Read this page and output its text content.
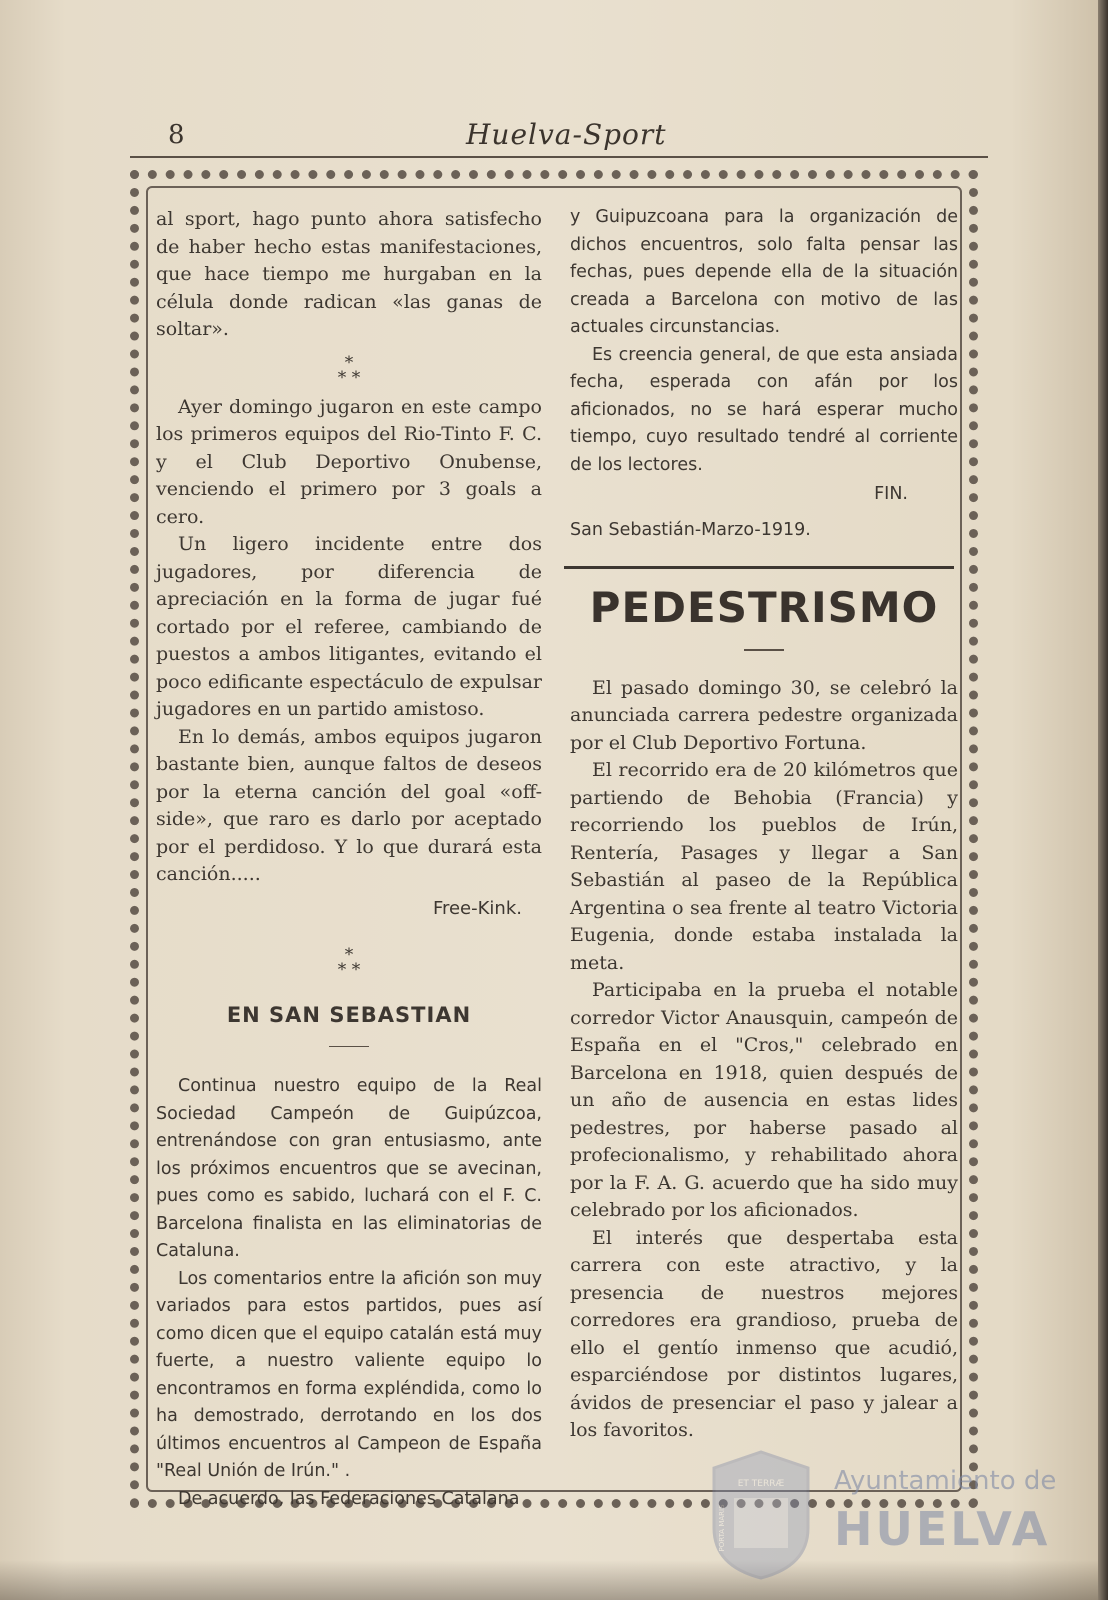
8	Huelva-Sport

al sport, hago punto ahora satisfecho de haber hecho estas manifestaciones, que hace tiempo me hurgaban en la célula donde radican «las ganas de soltar».

*
* *

Ayer domingo jugaron en este campo los primeros equipos del Rio-Tinto F. C. y el Club Deportivo Onubense, venciendo el primero por 3 goals a cero.

Un ligero incidente entre dos jugadores, por diferencia de apreciación en la forma de jugar fué cortado por el referee, cambiando de puestos a ambos litigantes, evitando el poco edificante espectáculo de expulsar jugadores en un partido amistoso.

En lo demás, ambos equipos jugaron bastante bien, aunque faltos de deseos por la eterna canción del goal «off-side», que raro es darlo por aceptado por el perdidoso. Y lo que durará esta canción.....

Free-Kink.
*
* *
EN SAN SEBASTIAN

Continua nuestro equipo de la Real Sociedad Campeón de Guipúzcoa, entrenándose con gran entusiasmo, ante los próximos encuentros que se avecinan, pues como es sabido, luchará con el F. C. Barcelona finalista en las eliminatorias de Cataluna.

Los comentarios entre la afición son muy variados para estos partidos, pues así como dicen que el equipo catalán está muy fuerte, a nuestro valiente equipo lo encontramos en forma expléndida, como lo ha demostrado, derrotando en los dos últimos encuentros al Campeon de España "Real Unión de Irún." .

De acuerdo, las Federaciones Catalana

y Guipuzcoana para la organización de dichos encuentros, solo falta pensar las fechas, pues depende ella de la situación creada a Barcelona con motivo de las actuales circunstancias.

Es creencia general, de que esta ansiada fecha, esperada con afán por los aficionados, no se hará esperar mucho tiempo, cuyo resultado tendré al corriente de los lectores.

FIN.
San Sebastián-Marzo-1919.
PEDESTRISMO

El pasado domingo 30, se celebró la anunciada carrera pedestre organizada por el Club Deportivo Fortuna.

El recorrido era de 20 kilómetros que partiendo de Behobia (Francia) y recorriendo los pueblos de Irún, Rentería, Pasages y llegar a San Sebastián al paseo de la República Argentina o sea frente al teatro Victoria Eugenia, donde estaba instalada la meta.

Participaba en la prueba el notable corredor Victor Anausquin, campeón de España en el "Cros," celebrado en Barcelona en 1918, quien después de un año de ausencia en estas lides pedestres, por haberse pasado al profecionalismo, y rehabilitado ahora por la F. A. G. acuerdo que ha sido muy celebrado por los aficionados.

El interés que despertaba esta carrera con este atractivo, y la presencia de nuestros mejores corredores era grandioso, prueba de ello el gentío inmenso que acudió, esparciéndose por distintos lugares, ávidos de presenciar el paso y jalear a los favoritos.

ET TERRÆ
PORTA MARIS
Ayuntamiento de
HUELVA
